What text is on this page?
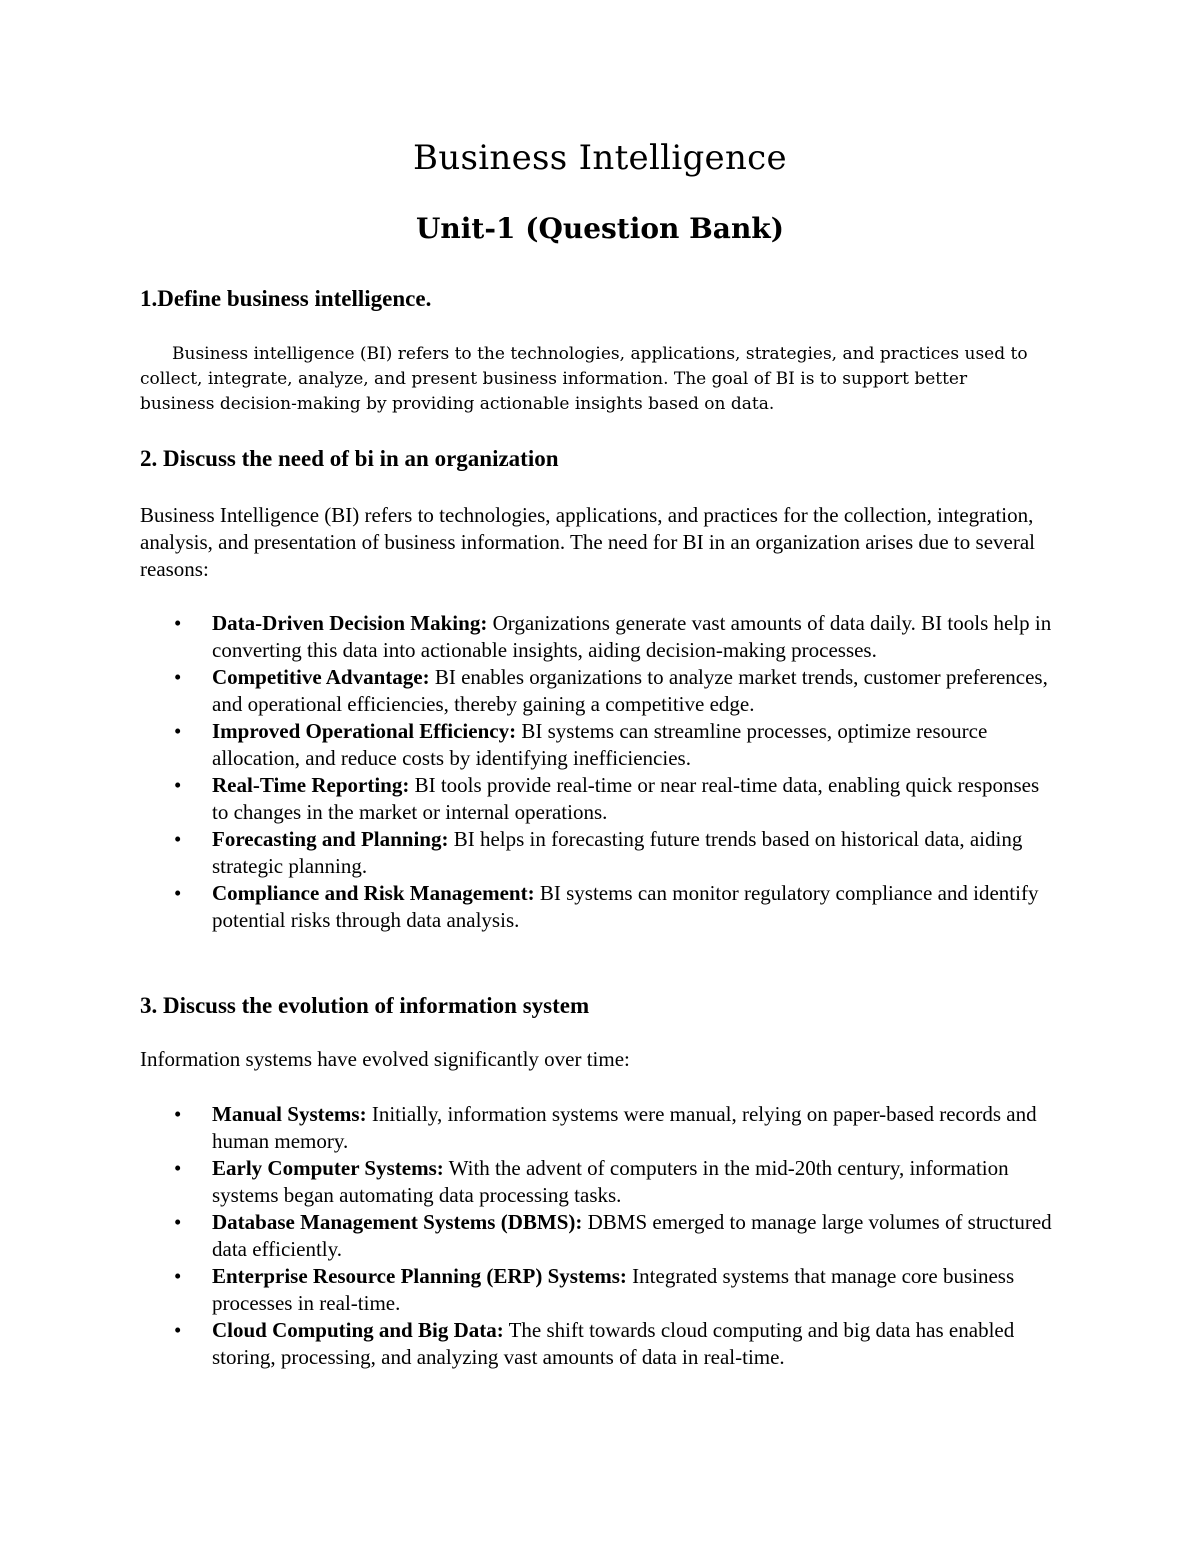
Business Intelligence
Unit-1 (Question Bank)
1.Define business intelligence.

Business intelligence (BI) refers to the technologies, applications, strategies, and practices used to collect, integrate, analyze, and present business information. The goal of BI is to support better business decision-making by providing actionable insights based on data.

2. Discuss the need of bi in an organization

Business Intelligence (BI) refers to technologies, applications, and practices for the collection, integration, analysis, and presentation of business information. The need for BI in an organization arises due to several reasons:

• Data-Driven Decision Making: Organizations generate vast amounts of data daily. BI tools help in converting this data into actionable insights, aiding decision-making processes.
• Competitive Advantage: BI enables organizations to analyze market trends, customer preferences, and operational efficiencies, thereby gaining a competitive edge.
• Improved Operational Efficiency: BI systems can streamline processes, optimize resource allocation, and reduce costs by identifying inefficiencies.
• Real-Time Reporting: BI tools provide real-time or near real-time data, enabling quick responses to changes in the market or internal operations.
• Forecasting and Planning: BI helps in forecasting future trends based on historical data, aiding strategic planning.
• Compliance and Risk Management: BI systems can monitor regulatory compliance and identify potential risks through data analysis.
3. Discuss the evolution of information system

Information systems have evolved significantly over time:

• Manual Systems: Initially, information systems were manual, relying on paper-based records and human memory.
• Early Computer Systems: With the advent of computers in the mid-20th century, information systems began automating data processing tasks.
• Database Management Systems (DBMS): DBMS emerged to manage large volumes of structured data efficiently.
• Enterprise Resource Planning (ERP) Systems: Integrated systems that manage core business processes in real-time.
• Cloud Computing and Big Data: The shift towards cloud computing and big data has enabled storing, processing, and analyzing vast amounts of data in real-time.
